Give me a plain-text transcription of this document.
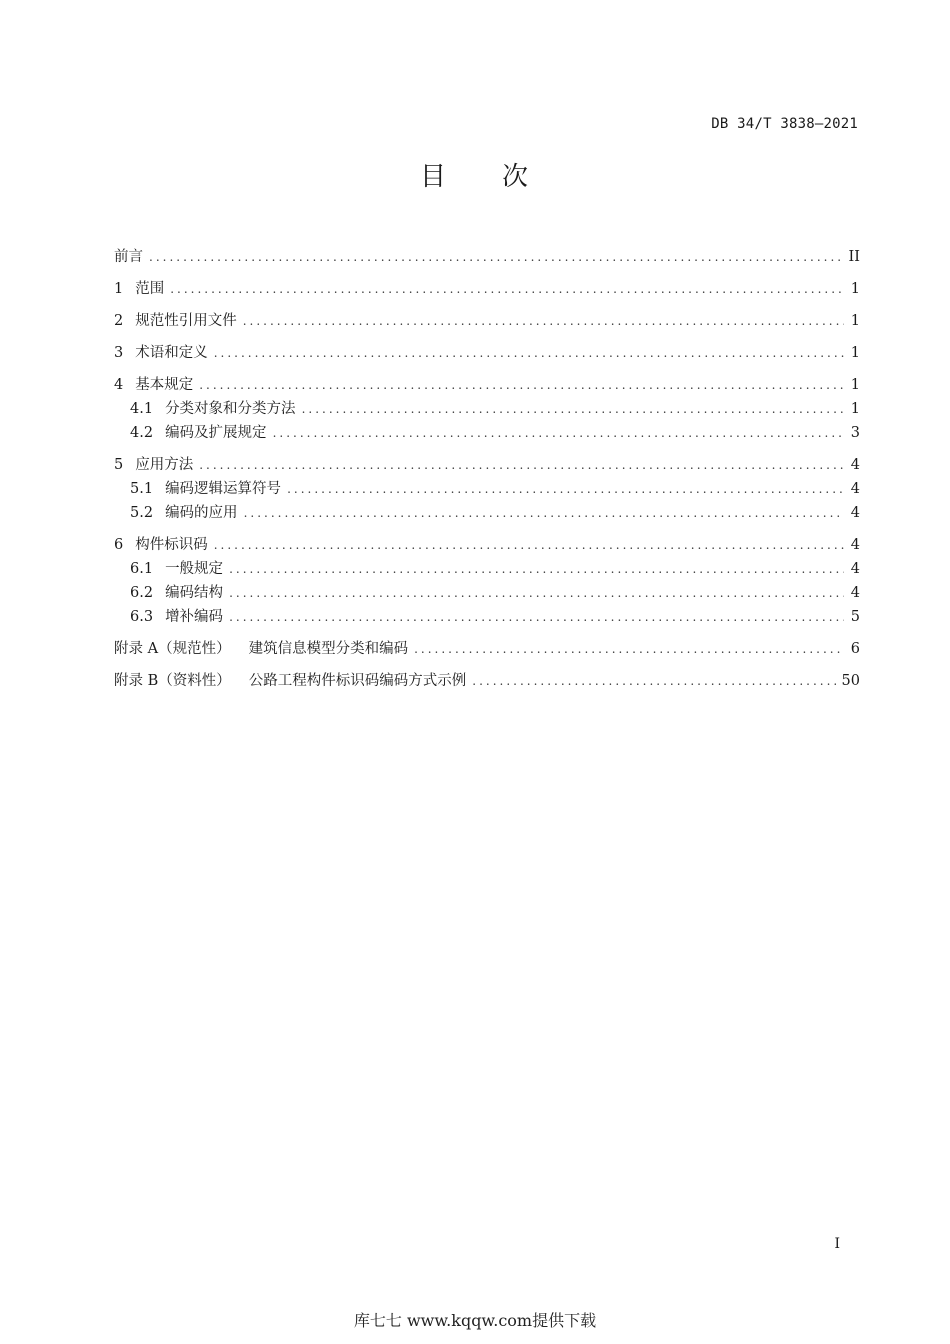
DB 34/T 3838—2021
目 次
前言 .....	II
1 范围 .....	1
2 规范性引用文件 .....	1
3 术语和定义 .....	1
4 基本规定 .....	1
4.1 分类对象和分类方法 .....	1
4.2 编码及扩展规定 .....	3
5 应用方法 .....	4
5.1 编码逻辑运算符号 .....	4
5.2 编码的应用 .....	4
6 构件标识码 .....	4
6.1 一般规定 .....	4
6.2 编码结构 .....	4
6.3 增补编码 .....	5
附录 A（规范性） 建筑信息模型分类和编码 .....	6
附录 B（资料性） 公路工程构件标识码编码方式示例 .....	50
I
库七七 www.kqqw.com提供下载
